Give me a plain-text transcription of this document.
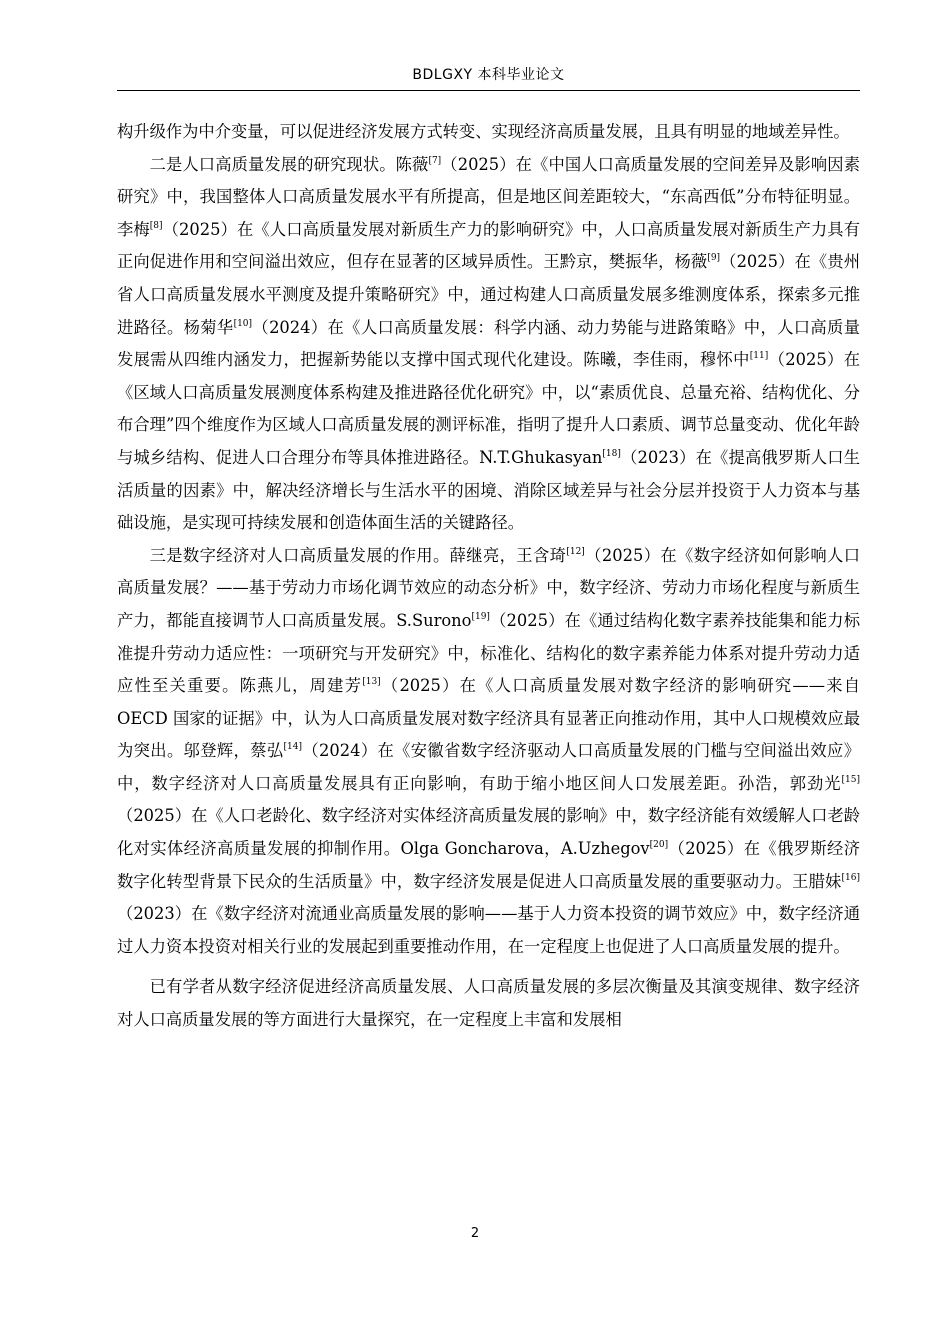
BDLGXY 本科毕业论文

构升级作为中介变量，可以促进经济发展方式转变、实现经济高质量发展，且具有明显的地域差异性。

二是人口高质量发展的研究现状。陈薇[7]（2025）在《中国人口高质量发展的空间差异及影响因素研究》中，我国整体人口高质量发展水平有所提高，但是地区间差距较大，“东高西低”分布特征明显。李梅[8]（2025）在《人口高质量发展对新质生产力的影响研究》中，人口高质量发展对新质生产力具有正向促进作用和空间溢出效应，但存在显著的区域异质性。王黔京，樊振华，杨薇[9]（2025）在《贵州省人口高质量发展水平测度及提升策略研究》中，通过构建人口高质量发展多维测度体系，探索多元推进路径。杨菊华[10]（2024）在《人口高质量发展：科学内涵、动力势能与进路策略》中，人口高质量发展需从四维内涵发力，把握新势能以支撑中国式现代化建设。陈曦，李佳雨，穆怀中[11]（2025）在《区域人口高质量发展测度体系构建及推进路径优化研究》中，以“素质优良、总量充裕、结构优化、分布合理”四个维度作为区域人口高质量发展的测评标准，指明了提升人口素质、调节总量变动、优化年龄与城乡结构、促进人口合理分布等具体推进路径。N.T.Ghukasyan[18]（2023）在《提高俄罗斯人口生活质量的因素》中，解决经济增长与生活水平的困境、消除区域差异与社会分层并投资于人力资本与基础设施，是实现可持续发展和创造体面生活的关键路径。

三是数字经济对人口高质量发展的作用。薛继亮，王含琦[12]（2025）在《数字经济如何影响人口高质量发展？——基于劳动力市场化调节效应的动态分析》中，数字经济、劳动力市场化程度与新质生产力，都能直接调节人口高质量发展。S.Surono[19]（2025）在《通过结构化数字素养技能集和能力标准提升劳动力适应性：一项研究与开发研究》中，标准化、结构化的数字素养能力体系对提升劳动力适应性至关重要。陈燕儿，周建芳[13]（2025）在《人口高质量发展对数字经济的影响研究——来自 OECD 国家的证据》中，认为人口高质量发展对数字经济具有显著正向推动作用，其中人口规模效应最为突出。邬登辉，蔡弘[14]（2024）在《安徽省数字经济驱动人口高质量发展的门槛与空间溢出效应》中，数字经济对人口高质量发展具有正向影响，有助于缩小地区间人口发展差距。孙浩，郭劲光[15]（2025）在《人口老龄化、数字经济对实体经济高质量发展的影响》中，数字经济能有效缓解人口老龄化对实体经济高质量发展的抑制作用。Olga Goncharova，A.Uzhegov[20]（2025）在《俄罗斯经济数字化转型背景下民众的生活质量》中，数字经济发展是促进人口高质量发展的重要驱动力。王腊妹[16]（2023）在《数字经济对流通业高质量发展的影响——基于人力资本投资的调节效应》中，数字经济通过人力资本投资对相关行业的发展起到重要推动作用，在一定程度上也促进了人口高质量发展的提升。

已有学者从数字经济促进经济高质量发展、人口高质量发展的多层次衡量及其演变规律、数字经济对人口高质量发展的等方面进行大量探究，在一定程度上丰富和发展相

2
